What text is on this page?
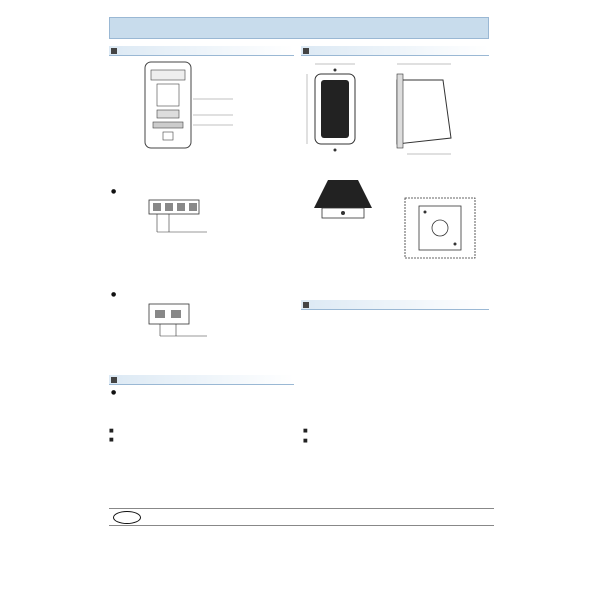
●
●
●
■
■
■
■
